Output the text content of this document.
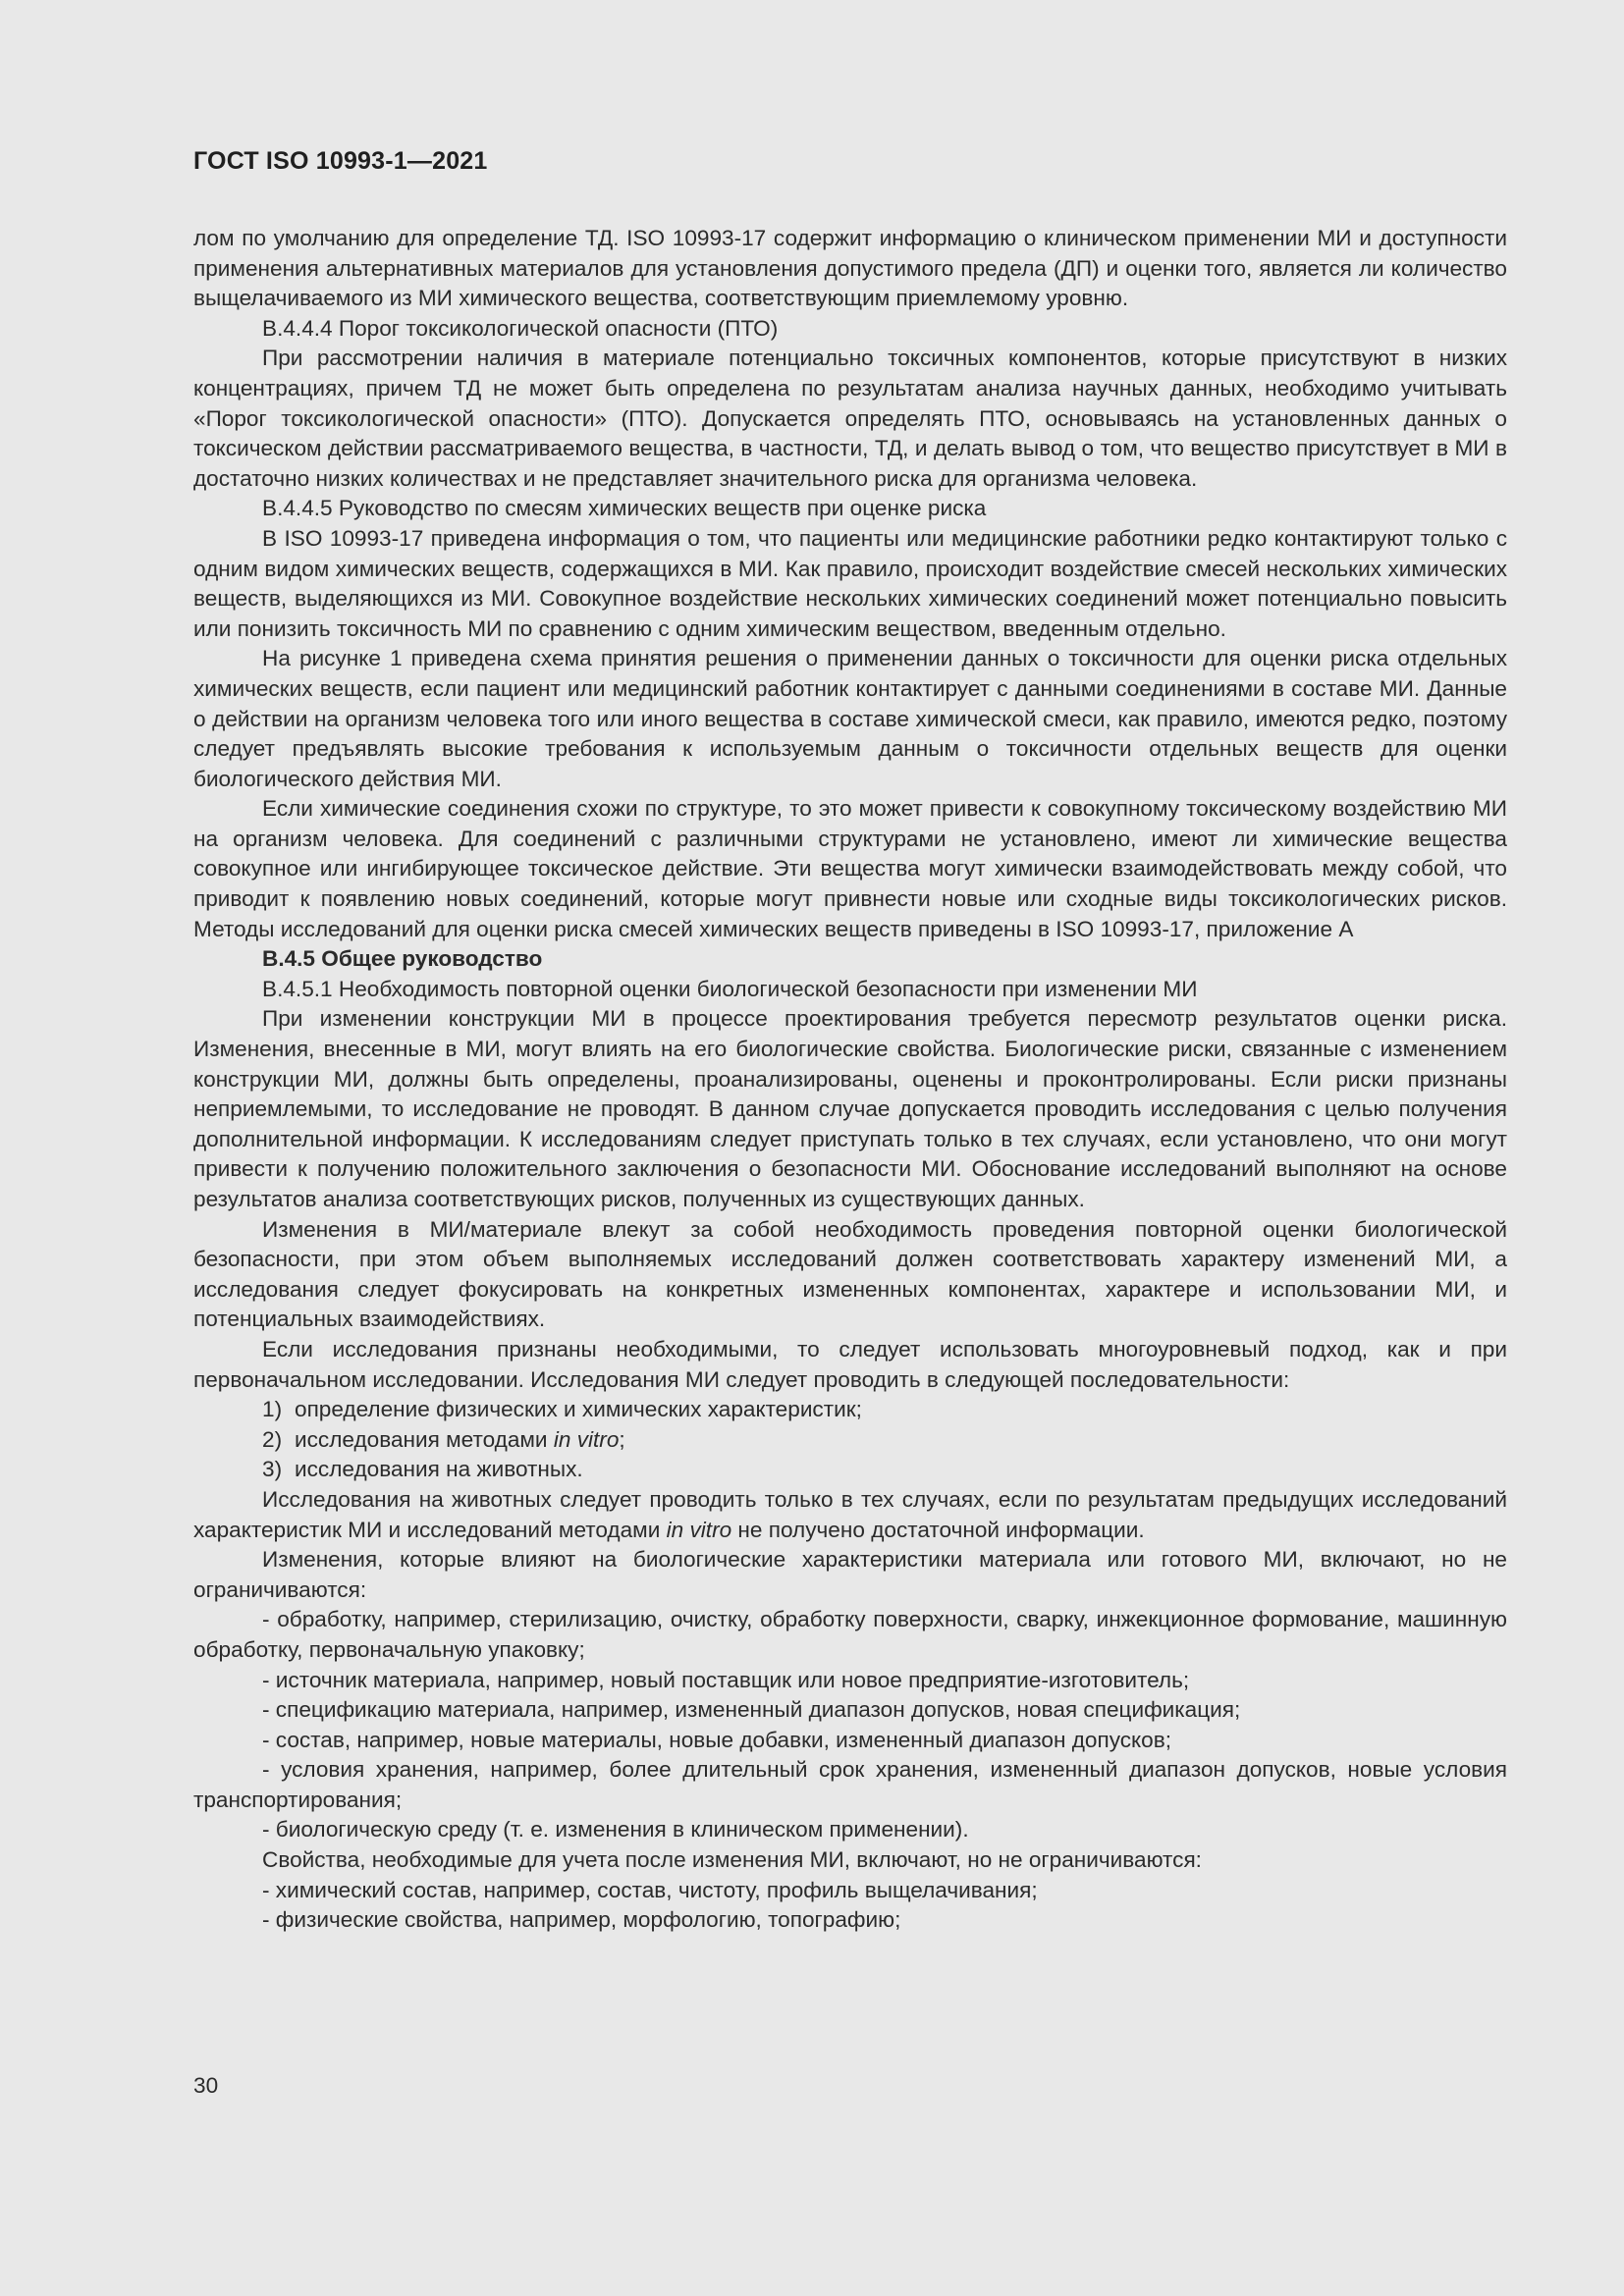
ГОСТ ISO 10993-1—2021

лом по умолчанию для определение ТД. ISO 10993-17 содержит информацию о клиническом применении МИ и доступности применения альтернативных материалов для установления допустимого предела (ДП) и оценки того, является ли количество выщелачиваемого из МИ химического вещества, соответствующим приемлемому уровню.

В.4.4.4 Порог токсикологической опасности (ПТО)

При рассмотрении наличия в материале потенциально токсичных компонентов, которые присутствуют в низких концентрациях, причем ТД не может быть определена по результатам анализа научных данных, необходимо учитывать «Порог токсикологической опасности» (ПТО). Допускается определять ПТО, основываясь на установленных данных о токсическом действии рассматриваемого вещества, в частности, ТД, и делать вывод о том, что вещество присутствует в МИ в достаточно низких количествах и не представляет значительного риска для организма человека.

В.4.4.5 Руководство по смесям химических веществ при оценке риска

В ISO 10993-17 приведена информация о том, что пациенты или медицинские работники редко контактируют только с одним видом химических веществ, содержащихся в МИ. Как правило, происходит воздействие смесей нескольких химических веществ, выделяющихся из МИ. Совокупное воздействие нескольких химических соединений может потенциально повысить или понизить токсичность МИ по сравнению с одним химическим веществом, введенным отдельно.

На рисунке 1 приведена схема принятия решения о применении данных о токсичности для оценки риска отдельных химических веществ, если пациент или медицинский работник контактирует с данными соединениями в составе МИ. Данные о действии на организм человека того или иного вещества в составе химической смеси, как правило, имеются редко, поэтому следует предъявлять высокие требования к используемым данным о токсичности отдельных веществ для оценки биологического действия МИ.

Если химические соединения схожи по структуре, то это может привести к совокупному токсическому воздействию МИ на организм человека. Для соединений с различными структурами не установлено, имеют ли химические вещества совокупное или ингибирующее токсическое действие. Эти вещества могут химически взаимодействовать между собой, что приводит к появлению новых соединений, которые могут привнести новые или сходные виды токсикологических рисков. Методы исследований для оценки риска смесей химических веществ приведены в ISO 10993-17, приложение А

В.4.5 Общее руководство

В.4.5.1 Необходимость повторной оценки биологической безопасности при изменении МИ

При изменении конструкции МИ в процессе проектирования требуется пересмотр результатов оценки риска. Изменения, внесенные в МИ, могут влиять на его биологические свойства. Биологические риски, связанные с изменением конструкции МИ, должны быть определены, проанализированы, оценены и проконтролированы. Если риски признаны неприемлемыми, то исследование не проводят. В данном случае допускается проводить исследования с целью получения дополнительной информации. К исследованиям следует приступать только в тех случаях, если установлено, что они могут привести к получению положительного заключения о безопасности МИ. Обоснование исследований выполняют на основе результатов анализа соответствующих рисков, полученных из существующих данных.

Изменения в МИ/материале влекут за собой необходимость проведения повторной оценки биологической безопасности, при этом объем выполняемых исследований должен соответствовать характеру изменений МИ, а исследования следует фокусировать на конкретных измененных компонентах, характере и использовании МИ, и потенциальных взаимодействиях.

Если исследования признаны необходимыми, то следует использовать многоуровневый подход, как и при первоначальном исследовании. Исследования МИ следует проводить в следующей последовательности:

1) определение физических и химических характеристик;

2) исследования методами in vitro;

3) исследования на животных.

Исследования на животных следует проводить только в тех случаях, если по результатам предыдущих исследований характеристик МИ и исследований методами in vitro не получено достаточной информации.

Изменения, которые влияют на биологические характеристики материала или готового МИ, включают, но не ограничиваются:

- обработку, например, стерилизацию, очистку, обработку поверхности, сварку, инжекционное формование, машинную обработку, первоначальную упаковку;

- источник материала, например, новый поставщик или новое предприятие-изготовитель;

- спецификацию материала, например, измененный диапазон допусков, новая спецификация;

- состав, например, новые материалы, новые добавки, измененный диапазон допусков;

- условия хранения, например, более длительный срок хранения, измененный диапазон допусков, новые условия транспортирования;

- биологическую среду (т. е. изменения в клиническом применении).

Свойства, необходимые для учета после изменения МИ, включают, но не ограничиваются:

- химический состав, например, состав, чистоту, профиль выщелачивания;

- физические свойства, например, морфологию, топографию;

30
